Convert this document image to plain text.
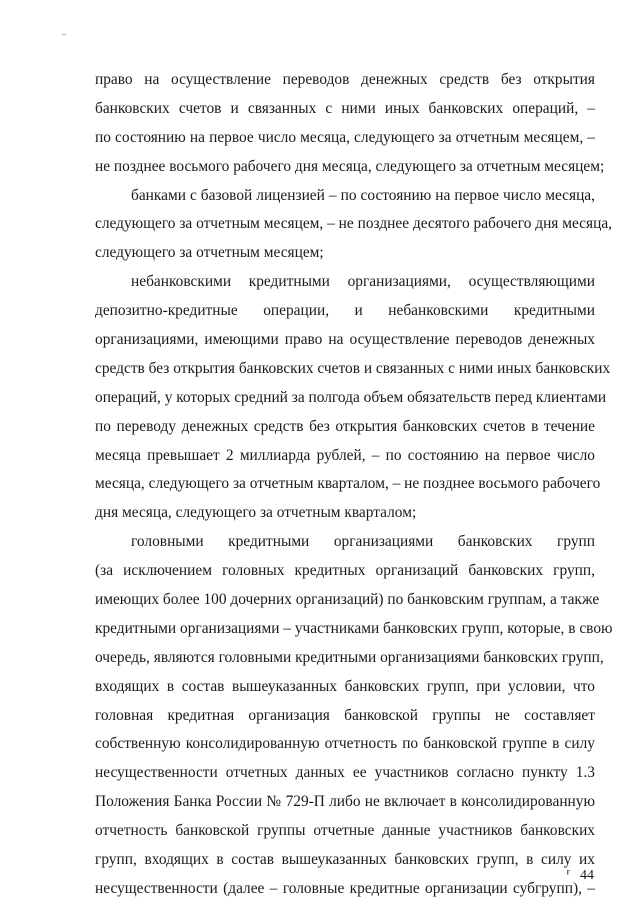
право на осуществление переводов денежных средств без открытия
банковских счетов и связанных с ними иных банковских операций, –
по состоянию на первое число месяца, следующего за отчетным месяцем, –
не позднее восьмого рабочего дня месяца, следующего за отчетным месяцем;
банками с базовой лицензией – по состоянию на первое число месяца,
следующего за отчетным месяцем, – не позднее десятого рабочего дня месяца,
следующего за отчетным месяцем;
небанковскими кредитными организациями, осуществляющими
депозитно-кредитные операции, и небанковскими кредитными
организациями, имеющими право на осуществление переводов денежных
средств без открытия банковских счетов и связанных с ними иных банковских
операций, у которых средний за полгода объем обязательств перед клиентами
по переводу денежных средств без открытия банковских счетов в течение
месяца превышает 2 миллиарда рублей, – по состоянию на первое число
месяца, следующего за отчетным кварталом, – не позднее восьмого рабочего
дня месяца, следующего за отчетным кварталом;
головными кредитными организациями банковских групп
(за исключением головных кредитных организаций банковских групп,
имеющих более 100 дочерних организаций) по банковским группам, а также
кредитными организациями – участниками банковских групп, которые, в свою
очередь, являются головными кредитными организациями банковских групп,
входящих в состав вышеуказанных банковских групп, при условии, что
головная кредитная организация банковской группы не составляет
собственную консолидированную отчетность по банковской группе в силу
несущественности отчетных данных ее участников согласно пункту 1.3
Положения Банка России № 729-П либо не включает в консолидированную
отчетность банковской группы отчетные данные участников банковских
групп, входящих в состав вышеуказанных банковских групп, в силу их
несущественности (далее – головные кредитные организации субгрупп), –
⸢ 44
